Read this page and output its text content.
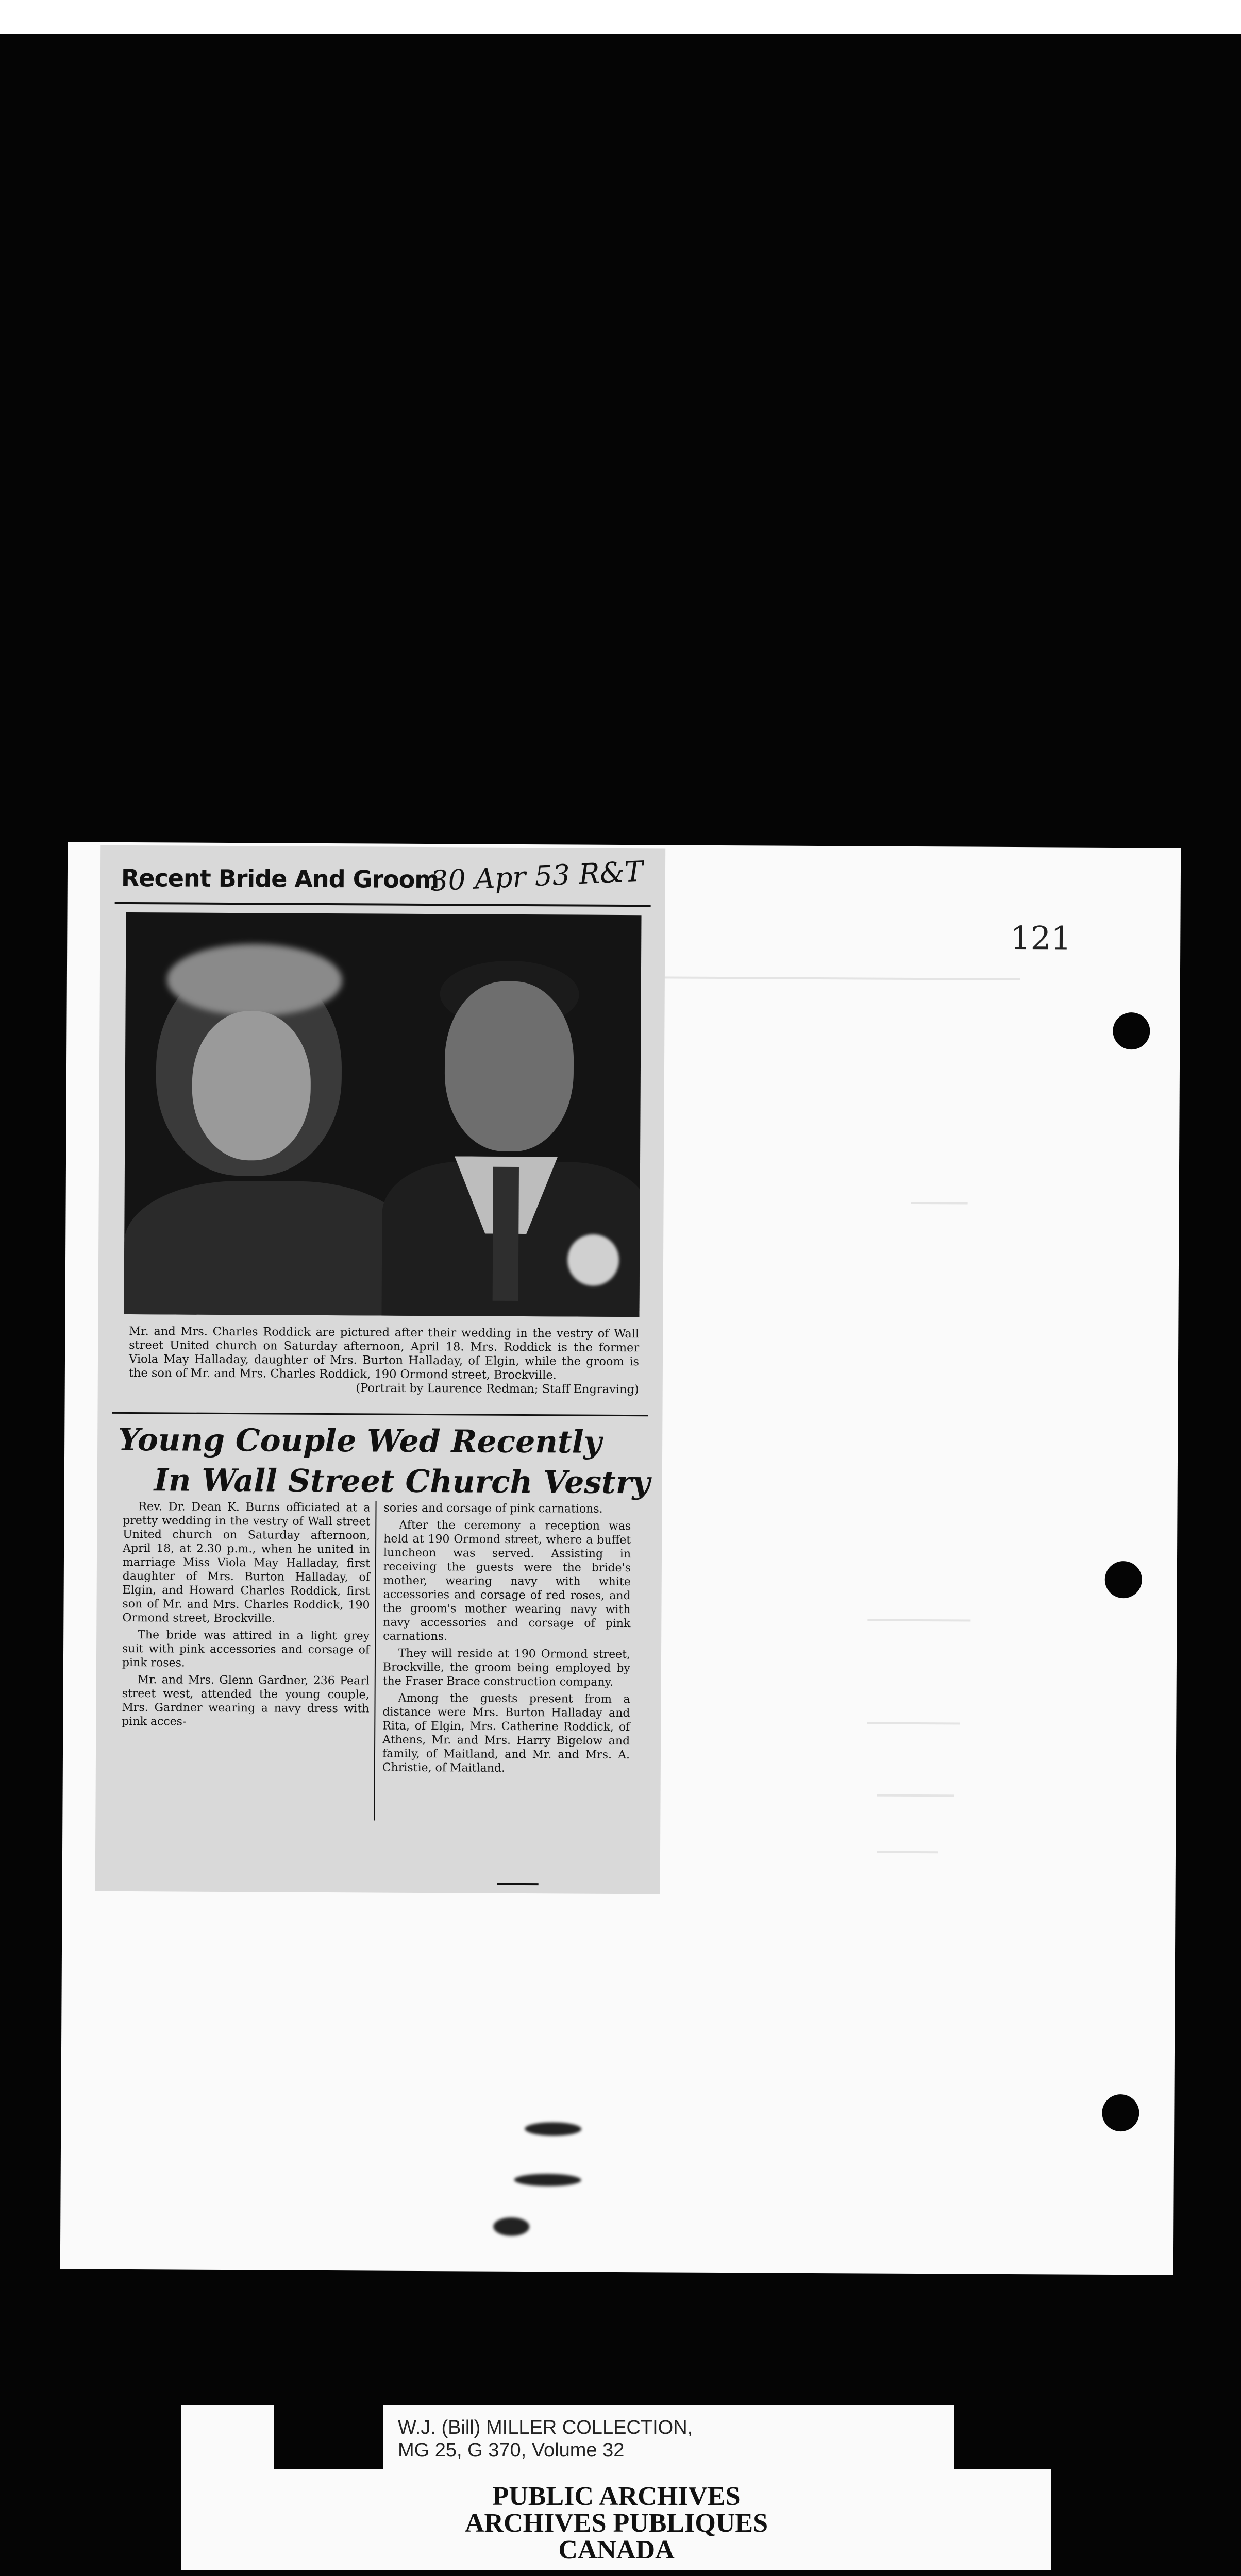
121
Recent Bride And Groom
30 Apr 53 R&T
Mr. and Mrs. Charles Roddick are pictured after their wedding in the vestry of Wall street United church on Saturday afternoon, April 18. Mrs. Roddick is the former Viola May Halladay, daughter of Mrs. Burton Halladay, of Elgin, while the groom is the son of Mr. and Mrs. Charles Roddick, 190 Ormond street, Brockville.
(Portrait by Laurence Redman; Staff Engraving)
Young Couple Wed Recently
In Wall Street Church Vestry

Rev. Dr. Dean K. Burns officiated at a pretty wedding in the vestry of Wall street United church on Saturday afternoon, April 18, at 2.30 p.m., when he united in marriage Miss Viola May Halladay, first daughter of Mrs. Burton Halladay, of Elgin, and Howard Charles Roddick, first son of Mr. and Mrs. Charles Roddick, 190 Ormond street, Brockville.

The bride was attired in a light grey suit with pink accessories and corsage of pink roses.

Mr. and Mrs. Glenn Gardner, 236 Pearl street west, attended the young couple, Mrs. Gardner wearing a navy dress with pink acces-

sories and corsage of pink carnations.

After the ceremony a reception was held at 190 Ormond street, where a buffet luncheon was served. Assisting in receiving the guests were the bride's mother, wearing navy with white accessories and corsage of red roses, and the groom's mother wearing navy with navy accessories and corsage of pink carnations.

They will reside at 190 Ormond street, Brockville, the groom being employed by the Fraser Brace construction company.

Among the guests present from a distance were Mrs. Burton Halladay and Rita, of Elgin, Mrs. Catherine Roddick, of Athens, Mr. and Mrs. Harry Bigelow and family, of Maitland, and Mr. and Mrs. A. Christie, of Maitland.

W.J. (Bill) MILLER COLLECTION,
MG 25, G 370, Volume 32
PUBLIC ARCHIVES
ARCHIVES PUBLIQUES
CANADA
